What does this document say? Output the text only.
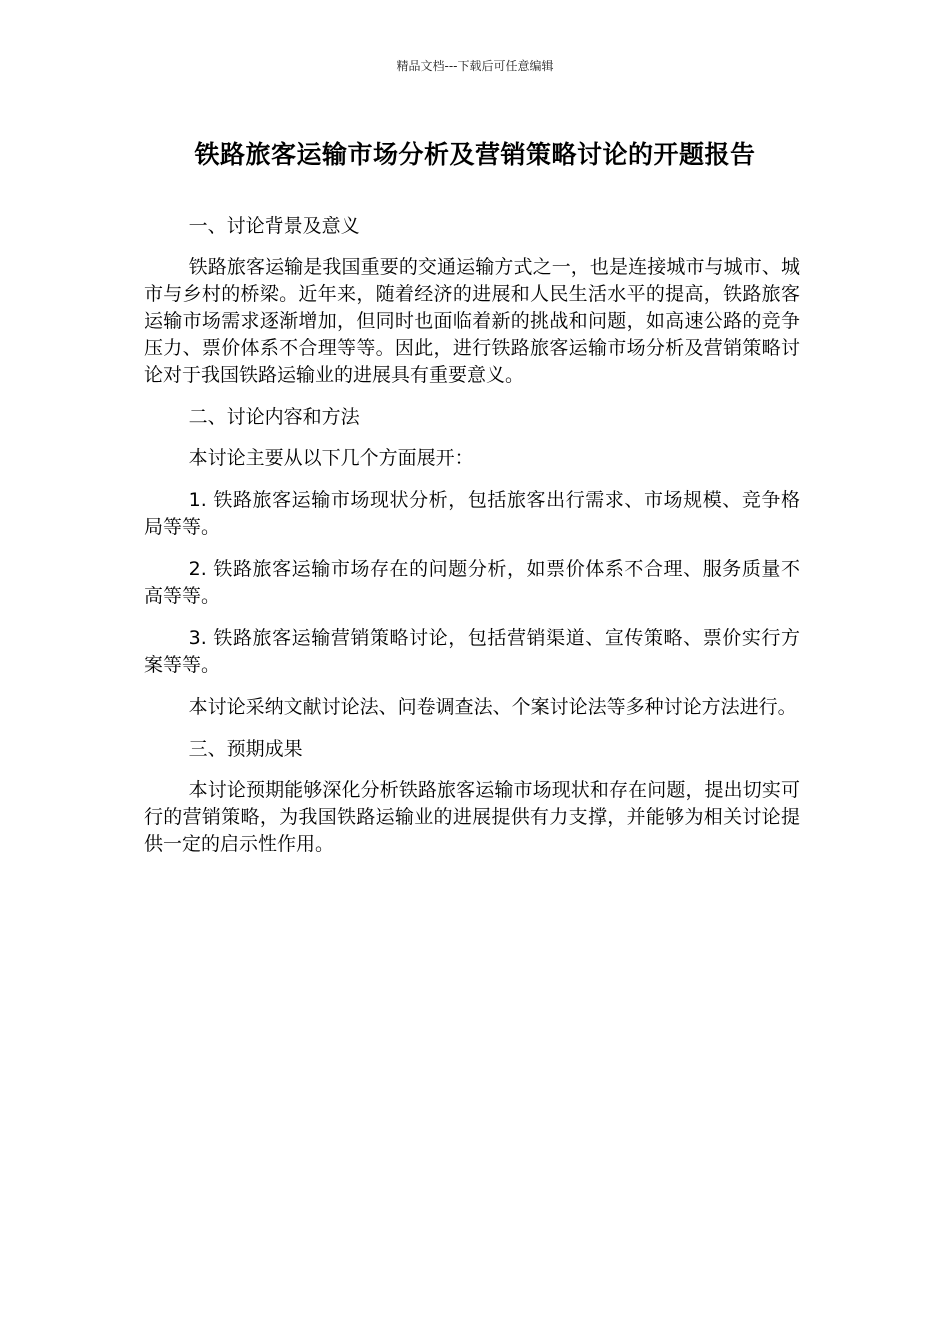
精品文档---下载后可任意编辑
铁路旅客运输市场分析及营销策略讨论的开题报告

一、讨论背景及意义

铁路旅客运输是我国重要的交通运输方式之一，也是连接城市与城市、城市与乡村的桥梁。近年来，随着经济的进展和人民生活水平的提高，铁路旅客运输市场需求逐渐增加，但同时也面临着新的挑战和问题，如高速公路的竞争压力、票价体系不合理等等。因此，进行铁路旅客运输市场分析及营销策略讨论对于我国铁路运输业的进展具有重要意义。

二、讨论内容和方法

本讨论主要从以下几个方面展开：

1. 铁路旅客运输市场现状分析，包括旅客出行需求、市场规模、竞争格局等等。

2. 铁路旅客运输市场存在的问题分析，如票价体系不合理、服务质量不高等等。

3. 铁路旅客运输营销策略讨论，包括营销渠道、宣传策略、票价实行方案等等。

本讨论采纳文献讨论法、问卷调查法、个案讨论法等多种讨论方法进行。

三、预期成果

本讨论预期能够深化分析铁路旅客运输市场现状和存在问题，提出切实可行的营销策略，为我国铁路运输业的进展提供有力支撑，并能够为相关讨论提供一定的启示性作用。
